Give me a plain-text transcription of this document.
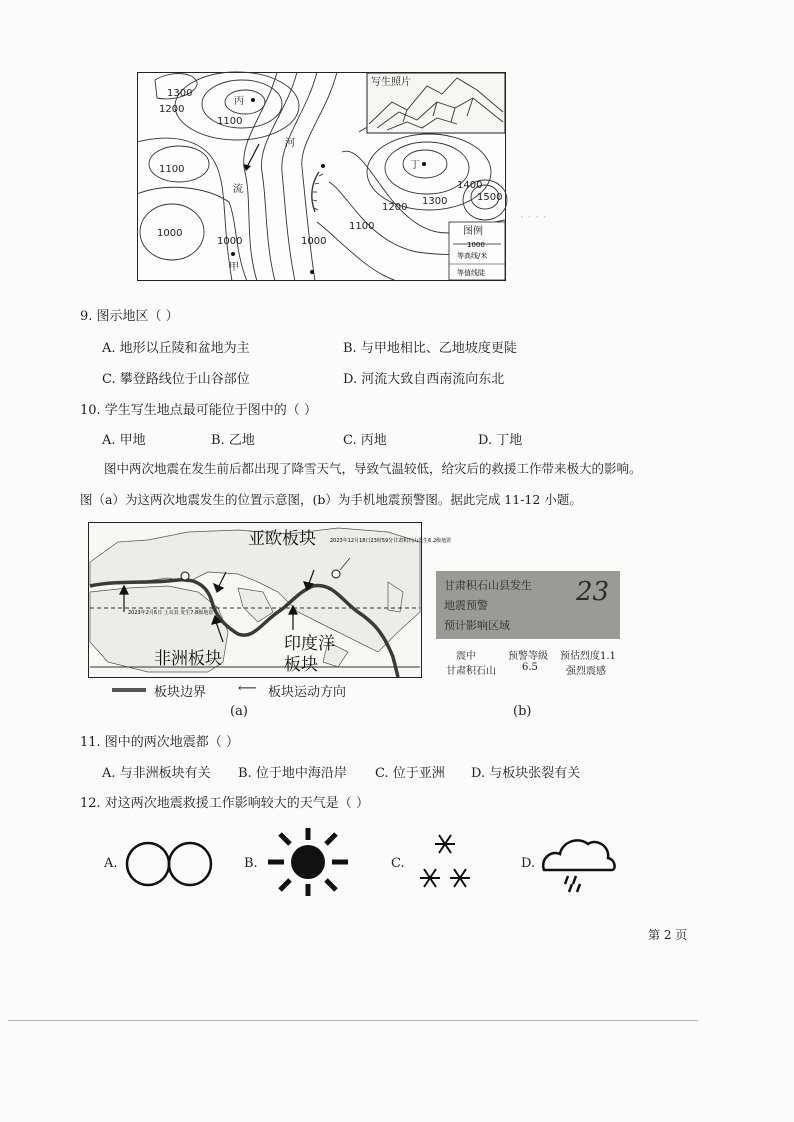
· · · ·
写生照片
河
流
1300
1200
1100
1100
1000
1000	1000
1100
1200
1300
1400
1500
丙
丁
甲
图例
1000
等高线/米
等值线陡
9. 图示地区（ ）
A. 地形以丘陵和盆地为主	B. 与甲地相比、乙地坡度更陡
C. 攀登路线位于山谷部位	D. 河流大致自西南流向东北
10. 学生写生地点最可能位于图中的（ ）
A. 甲地	B. 乙地	C. 丙地	D. 丁地
图中两次地震在发生前后都出现了降雪天气，导致气温较低，给灾后的救援工作带来极大的影响。
图（a）为这两次地震发生的位置示意图，(b）为手机地震预警图。据此完成 11-12 小题。
亚欧板块
印度洋
板块
非洲板块
2023年12月18日23时59分甘肃积石山发生6.2级地震
2023年2月6日 土耳其 发生7.8级地震
板块边界 ⟵ 板块运动方向
(a)
甘肃积石山县发生
地震预警
预计影响区域
23
震中	预警等级 预估烈度1.1
甘肃积石山	6.5	强烈震感
(b)
11. 图中的两次地震都（ ）
A. 与非洲板块有关 B. 位于地中海沿岸 C. 位于亚洲 D. 与板块张裂有关
12. 对这两次地震救援工作影响较大的天气是（ ）
A.	B.	C.	D.
第 2 页
